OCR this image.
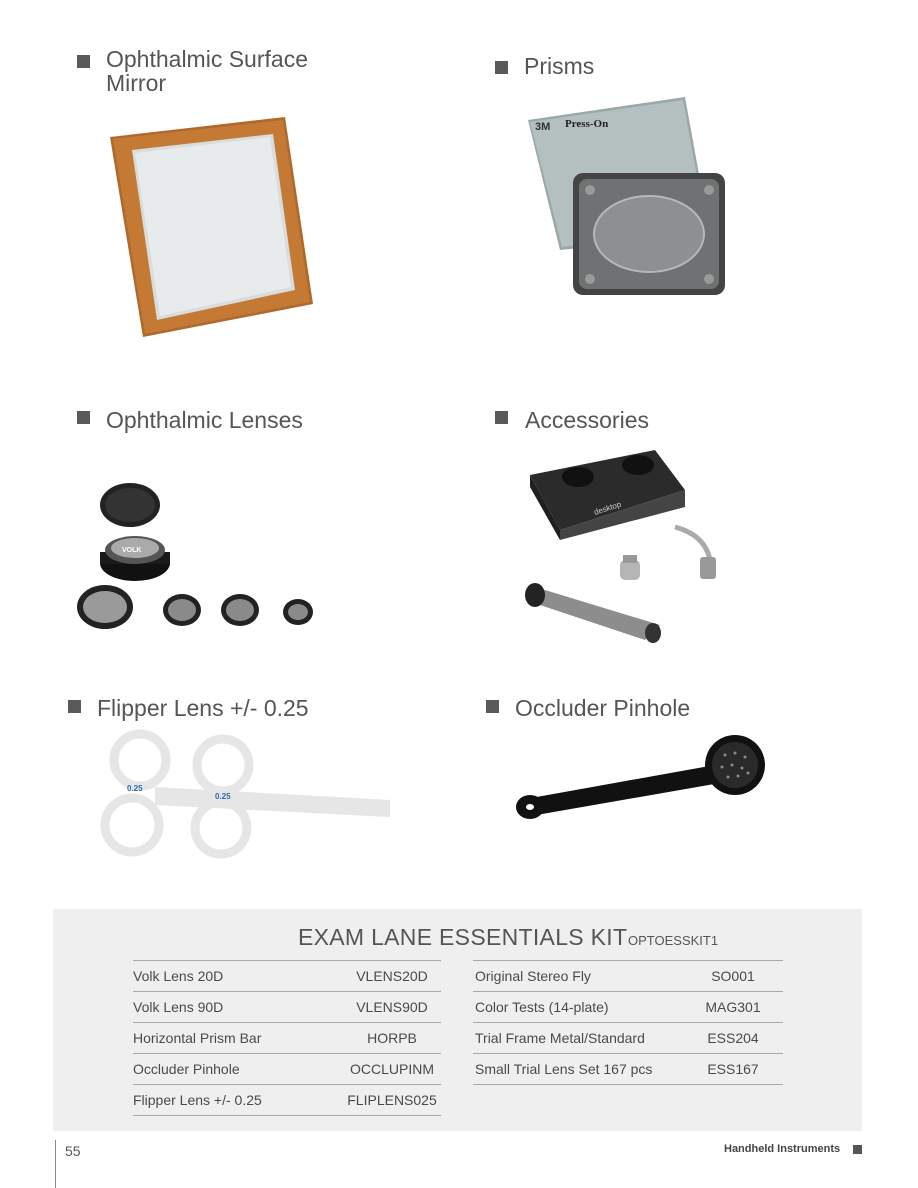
Ophthalmic Surface
Mirror
Prisms
3M Press-On
Ophthalmic Lenses
VOLK
Accessories
desktop
Flipper Lens +/- 0.25
0.25
0.25
Occluder Pinhole
EXAM LANE ESSENTIALS KIT OPTOESSKIT1
Volk Lens 20D	VLENS20D
Volk Lens 90D	VLENS90D
Horizontal Prism Bar	HORPB
Occluder Pinhole	OCCLUPINM
Flipper Lens +/- 0.25	FLIPLENS025
Original Stereo Fly	SO001
Color Tests (14-plate)	MAG301
Trial Frame Metal/Standard	ESS204
Small Trial Lens Set 167 pcs	ESS167
55	Handheld Instruments
